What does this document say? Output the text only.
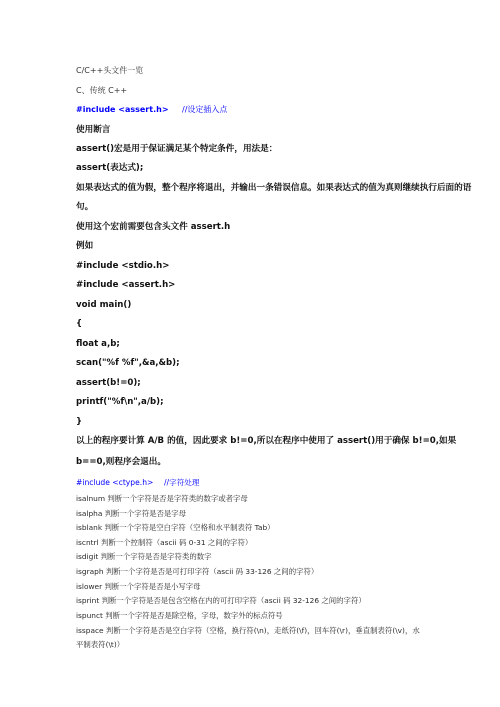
C/C++头文件一览
C、传统 C++
#include <assert.h> //设定插入点
使用断言
assert()宏是用于保证满足某个特定条件，用法是：
assert(表达式);
如果表达式的值为假，整个程序将退出，并输出一条错误信息。如果表达式的值为真则继续执行后面的语
句。
使用这个宏前需要包含头文件 assert.h
例如
#include <stdio.h>
#include <assert.h>
void main()
{
float a,b;
scan("%f %f",&a,&b);
assert(b!=0);
printf("%f\n",a/b);
}
以上的程序要计算 A/B 的值，因此要求 b!=0,所以在程序中使用了 assert()用于确保 b!=0,如果
b==0,则程序会退出。
#include <ctype.h> //字符处理
isalnum 判断一个字符是否是字符类的数字或者字母
isalpha 判断一个字符是否是字母
isblank 判断一个字符是空白字符（空格和水平制表符 Tab）
iscntrl 判断一个控制符（ascii 码 0-31 之间的字符）
isdigit 判断一个字符是否是字符类的数字
isgraph 判断一个字符是否是可打印字符（ascii 码 33-126 之间的字符）
islower 判断一个字符是否是小写字母
isprint 判断一个字符是否是包含空格在内的可打印字符（ascii 码 32-126 之间的字符）
ispunct 判断一个字符是否是除空格，字母，数字外的标点符号
isspace 判断一个字符是否是空白字符（空格，换行符(\n)，走纸符(\f)，回车符(\r)，垂直制表符(\v)，水
平制表符(\t)）
